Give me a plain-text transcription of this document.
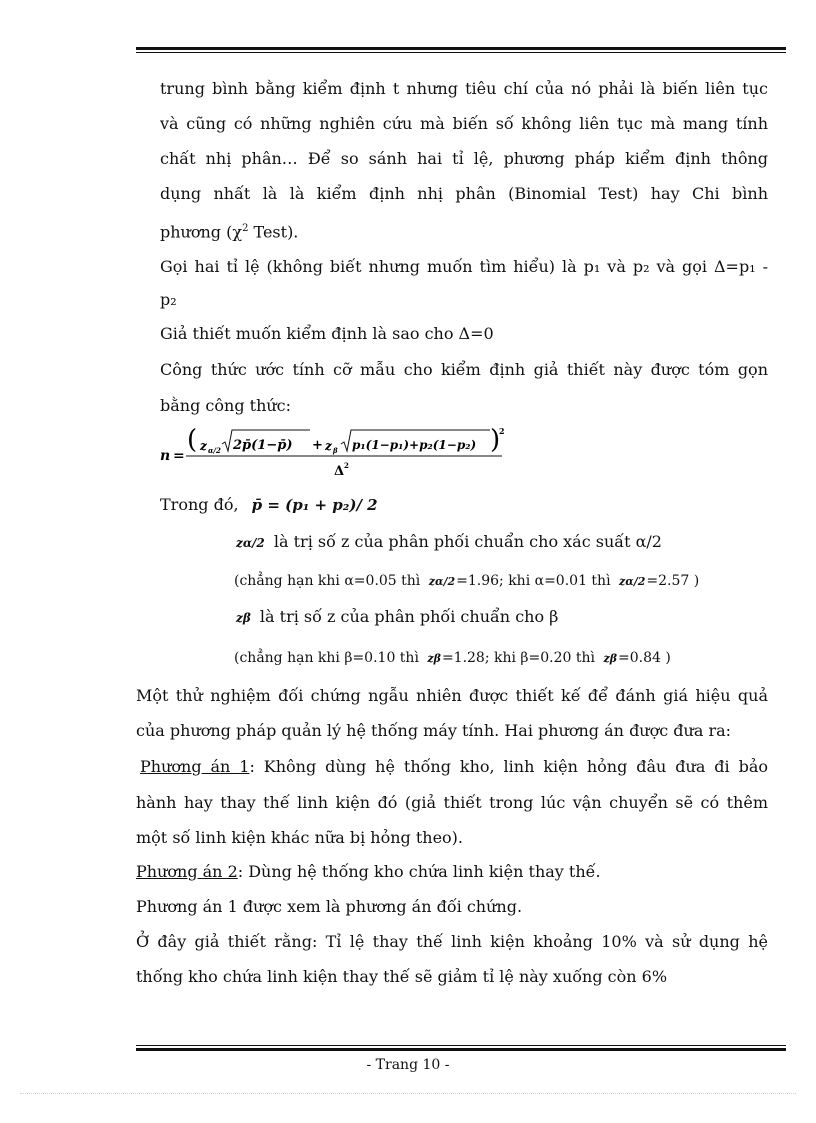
trung bình bằng kiểm định t nhưng tiêu chí của nó phải là biến liên tục
và cũng có những nghiên cứu mà biến số không liên tục mà mang tính
chất nhị phân… Để so sánh hai tỉ lệ, phương pháp kiểm định thông
dụng nhất là là kiểm định nhị phân (Binomial Test) hay Chi bình
phương ($\chi^2$ Test).
Gọi hai tỉ lệ (không biết nhưng muốn tìm hiểu) là p₁ và p₂ và gọi Δ=p₁ -
p₂
Giả thiết muốn kiểm định là sao cho Δ=0
Công thức ước tính cỡ mẫu cho kiểm định giả thiết này được tóm gọn
bằng công thức:
n =
( z α/2 2p̄(1−p̄) + z β p₁(1−p₁)+p₂(1−p₂) )
2
Δ 2
Trong đó, p̄ = (p₁ + p₂)/ 2
zα/2 là trị số z của phân phối chuẩn cho xác suất α/2
(chẳng hạn khi α=0.05 thì zα/2=1.96; khi α=0.01 thì zα/2=2.57 )
zβ là trị số z của phân phối chuẩn cho β
(chẳng hạn khi β=0.10 thì zβ=1.28; khi β=0.20 thì zβ=0.84 )
Một thử nghiệm đối chứng ngẫu nhiên được thiết kế để đánh giá hiệu quả
của phương pháp quản lý hệ thống máy tính. Hai phương án được đưa ra:
Phương án 1: Không dùng hệ thống kho, linh kiện hỏng đâu đưa đi bảo
hành hay thay thế linh kiện đó (giả thiết trong lúc vận chuyển sẽ có thêm
một số linh kiện khác nữa bị hỏng theo).
Phương án 2: Dùng hệ thống kho chứa linh kiện thay thế.
Phương án 1 được xem là phương án đối chứng.
Ở đây giả thiết rằng: Tỉ lệ thay thế linh kiện khoảng 10% và sử dụng hệ
thống kho chứa linh kiện thay thế sẽ giảm tỉ lệ này xuống còn 6%
- Trang 10 -
